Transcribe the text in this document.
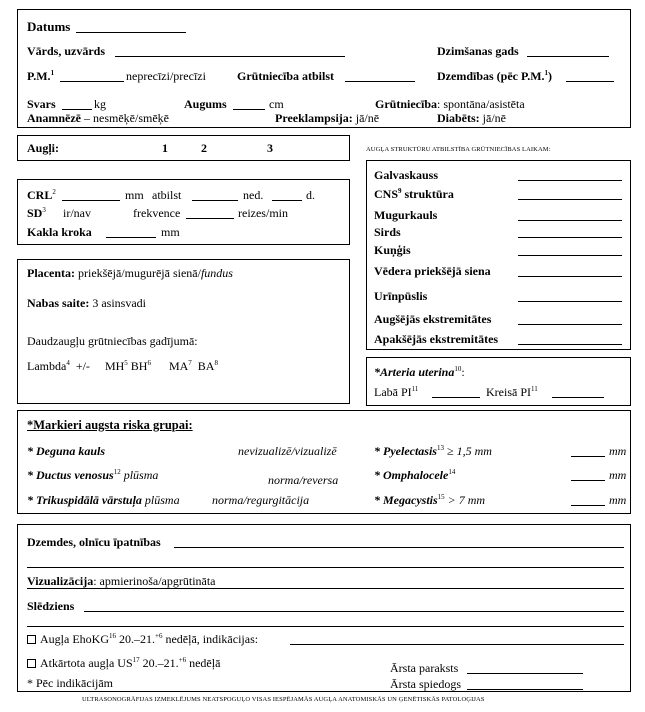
Datums
Vārds, uzvārds	Dzimšanas gads
P.M.$^1$	neprecīzi/precīzi	Grūtniecība atbilst	Dzemdības (pēc P.M.$^1$)
Svars	kg	Augums	cm	Grūtniecība: spontāna/asistēta
Anamnēzē – nesmēķē/smēķē	Preeklampsija: jā/nē	Diabēts: jā/nē
Augļi:	1	2	3	AUGĻA STRUKTŪRU ATBILSTĪBA GRŪTNIECĪBAS LAIKAM:
CRL$^2$	mm atbilst	ned.	d.
$SD^3$ ir/nav	frekvence	reizes/min
Kakla kroka	mm
Galvaskauss
CNS$^9$ struktūra
Mugurkauls
Sirds
Kuņģis
Vēdera priekšējā siena
Urīnpūslis
Augšējās ekstremitātes
Apakšējās ekstremitātes
Placenta: priekšējā/mugurējā sienā/fundus
Nabas saite: 3 asinsvadi
Daudzaugļu grūtniecības gadījumā:
Lambda$^4$ +/- $MH^5$ $BH^6$ $MA^7$ $BA^8$
*Arteria uterina$^{10}$:
Labā PI$^{11}$	Kreisā PI$^{11}$
*Markieri augsta riska grupai:
* Deguna kauls	nevizualizē/vizualizē
* Ductus venosus$^{12}$ plūsma	norma/reversa
* Trikuspidālā vārstuļa plūsma	norma/regurgitācija
* Pyelectasis$^{13}$ ≥ 1,5 mm	mm
* Omphalocele$^{14}$	mm
* Megacystis$^{15}$ > 7 mm	mm
Dzemdes, olnīcu īpatnības
Vizualizācija: apmierinoša/apgrūtināta
Slēdziens
Augļa EhoKG$^{16}$ 20.–21.$^{+6}$ nedēļā, indikācijas:
Atkārtota augļa US$^{17}$ 20.–21.$^{+6}$ nedēļā
* Pēc indikācijām
Ārsta paraksts
Ārsta spiedogs
ULTRASONOGRĀFIJAS IZMEKLĒJUMS NEATSPOGUĻO VISAS IESPĒJAMĀS AUGĻA ANATOMISKĀS UN ĢENĒTISKĀS PATOLOĢIJAS
